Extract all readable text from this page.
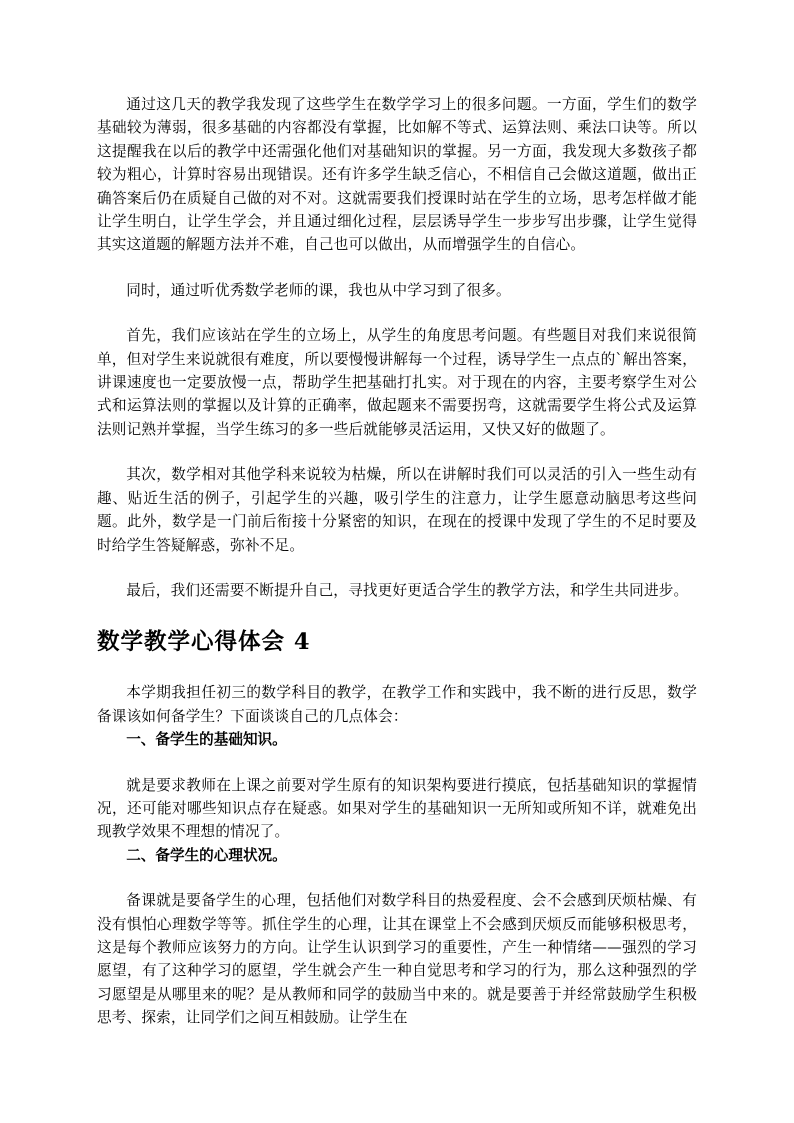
通过这几天的教学我发现了这些学生在数学学习上的很多问题。一方面，学生们的数学基础较为薄弱，很多基础的内容都没有掌握，比如解不等式、运算法则、乘法口诀等。所以这提醒我在以后的教学中还需强化他们对基础知识的掌握。另一方面，我发现大多数孩子都较为粗心，计算时容易出现错误。还有许多学生缺乏信心，不相信自己会做这道题，做出正确答案后仍在质疑自己做的对不对。这就需要我们授课时站在学生的立场，思考怎样做才能让学生明白，让学生学会，并且通过细化过程，层层诱导学生一步步写出步骤，让学生觉得其实这道题的解题方法并不难，自己也可以做出，从而增强学生的自信心。

同时，通过听优秀数学老师的课，我也从中学习到了很多。

首先，我们应该站在学生的立场上，从学生的角度思考问题。有些题目对我们来说很简单，但对学生来说就很有难度，所以要慢慢讲解每一个过程，诱导学生一点点的`解出答案，讲课速度也一定要放慢一点，帮助学生把基础打扎实。对于现在的内容，主要考察学生对公式和运算法则的掌握以及计算的正确率，做起题来不需要拐弯，这就需要学生将公式及运算法则记熟并掌握，当学生练习的多一些后就能够灵活运用，又快又好的做题了。

其次，数学相对其他学科来说较为枯燥，所以在讲解时我们可以灵活的引入一些生动有趣、贴近生活的例子，引起学生的兴趣，吸引学生的注意力，让学生愿意动脑思考这些问题。此外，数学是一门前后衔接十分紧密的知识，在现在的授课中发现了学生的不足时要及时给学生答疑解惑，弥补不足。

最后，我们还需要不断提升自己，寻找更好更适合学生的教学方法，和学生共同进步。

数学教学心得体会 4

本学期我担任初三的数学科目的教学，在教学工作和实践中，我不断的进行反思，数学备课该如何备学生？下面谈谈自己的几点体会：

一、备学生的基础知识。

就是要求教师在上课之前要对学生原有的知识架构要进行摸底，包括基础知识的掌握情况，还可能对哪些知识点存在疑惑。如果对学生的基础知识一无所知或所知不详，就难免出现教学效果不理想的情况了。

二、备学生的心理状况。

备课就是要备学生的心理，包括他们对数学科目的热爱程度、会不会感到厌烦枯燥、有没有惧怕心理数学等等。抓住学生的心理，让其在课堂上不会感到厌烦反而能够积极思考，这是每个教师应该努力的方向。让学生认识到学习的重要性，产生一种情绪——强烈的学习愿望，有了这种学习的愿望，学生就会产生一种自觉思考和学习的行为，那么这种强烈的学习愿望是从哪里来的呢？是从教师和同学的鼓励当中来的。就是要善于并经常鼓励学生积极思考、探索，让同学们之间互相鼓励。让学生在
